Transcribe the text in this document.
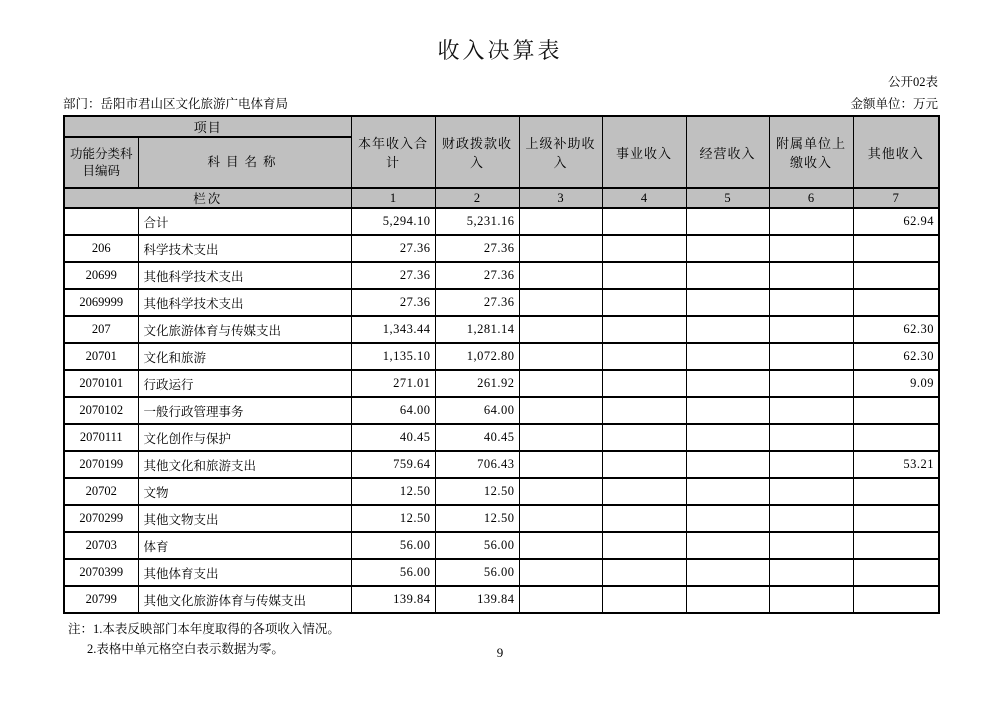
收入决算表
公开02表
部门：岳阳市君山区文化旅游广电体育局	金额单位：万元
项目		本年收入合计	财政拨款收入	上级补助收入	事业收入	经营收入	附属单位上缴收入	其他收入
功能分类科目编码	科目名称							
栏次		1	2	3	4	5	6	7
	合计	5,294.10	5,231.16					62.94
206	科学技术支出	27.36	27.36					
20699	其他科学技术支出	27.36	27.36					
2069999	其他科学技术支出	27.36	27.36					
207	文化旅游体育与传媒支出	1,343.44	1,281.14					62.30
20701	文化和旅游	1,135.10	1,072.80					62.30
2070101	行政运行	271.01	261.92					9.09
2070102	一般行政管理事务	64.00	64.00					
2070111	文化创作与保护	40.45	40.45					
2070199	其他文化和旅游支出	759.64	706.43					53.21
20702	文物	12.50	12.50					
2070299	其他文物支出	12.50	12.50					
20703	体育	56.00	56.00					
2070399	其他体育支出	56.00	56.00					
20799	其他文化旅游体育与传媒支出	139.84	139.84					
注：1.本表反映部门本年度取得的各项收入情况。
2.表格中单元格空白表示数据为零。	9
